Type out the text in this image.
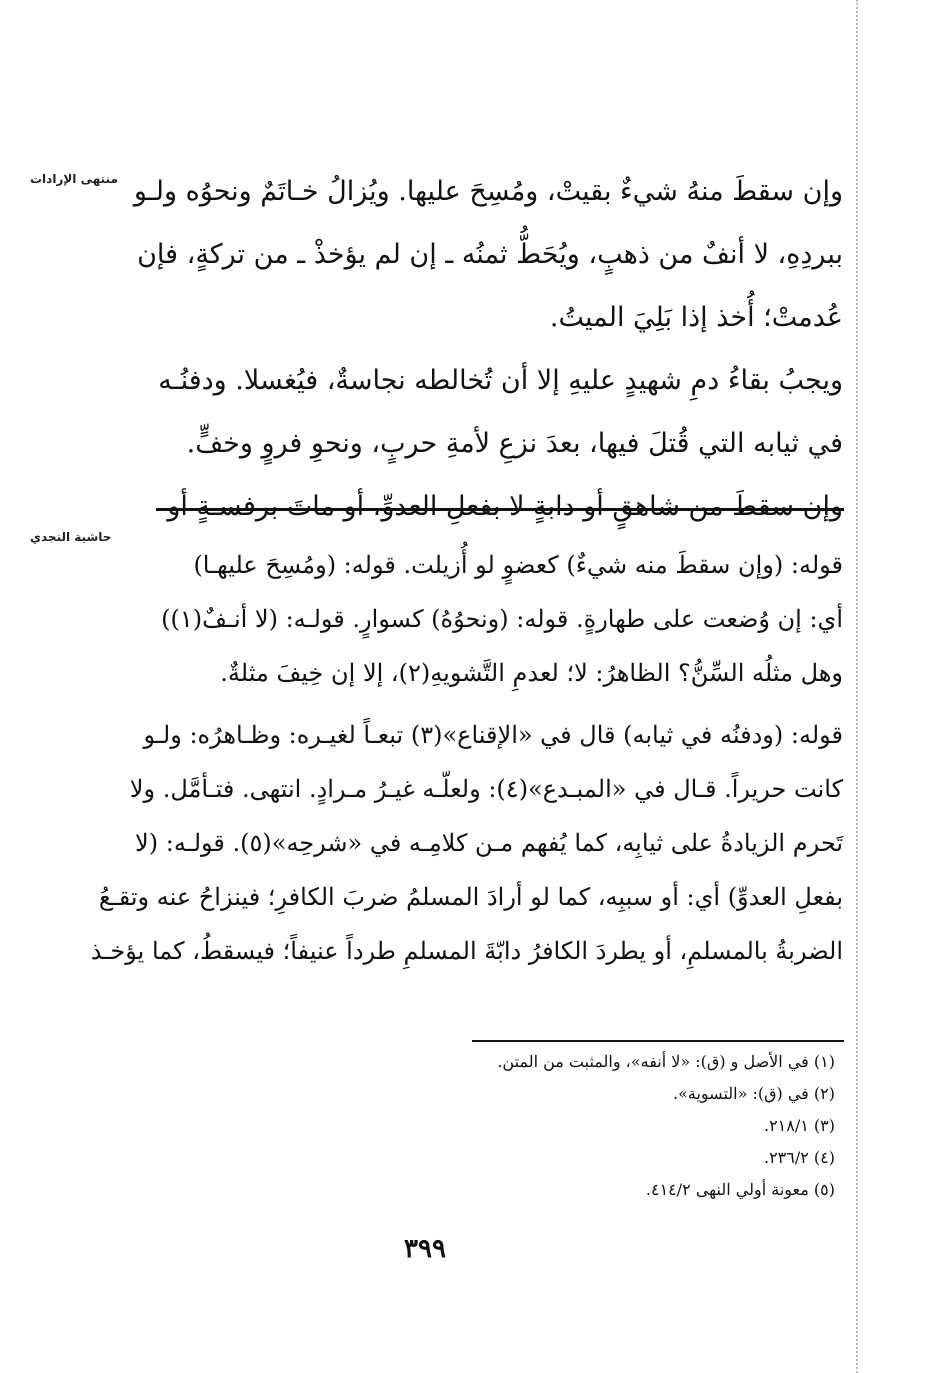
منتهى الإرادات
حاشية النجدي
وإن سقطَ منهُ شيءٌ بقيتْ، ومُسِحَ عليها. ويُزالُ خـاتَمٌ ونحوُه ولـو
ببردِهِ، لا أنفٌ من ذهبٍ، ويُحَطُّ ثمنُه ـ إن لم يؤخذْ ـ من تركةٍ، فإن
عُدمتْ؛ أُخذ إذا بَلِيَ الميتُ.
ويجبُ بقاءُ دمِ شهيدٍ عليهِ إلا أن تُخالطه نجاسةٌ، فيُغسلا. ودفنُـه
في ثيابه التي قُتلَ فيها، بعدَ نزعِ لأمةِ حربٍ، ونحوِ فروٍ وخفٍّ.
وإن سقطَ من شاهقٍ أو دابةٍ لا بفعلِ العدوِّ، أو ماتَ برفسـةٍ أو
قوله: (وإن سقطَ منه شيءٌ) كعضوٍ لو أُزيلت. قوله: (ومُسِحَ عليهـا)
أي: إن وُضعت على طهارةٍ. قوله: (ونحوُهُ) كسوارٍ. قولـه: (لا أنـفٌ(١))
وهل مثلُه السِّنُّ؟ الظاهرُ: لا؛ لعدمِ التَّشويهِ(٢)، إلا إن خِيفَ مثلةٌ.
قوله: (ودفنُه في ثيابه) قال في «الإقناع»(٣) تبعـاً لغيـره: وظـاهرُه: ولـو
كانت حريراً. قـال في «المبـدع»(٤): ولعلّـه غيـرُ مـرادٍ. انتهى. فتـأمَّل. ولا
تَحرم الزيادةُ على ثيابِه، كما يُفهم مـن كلامِـه في «شرحِه»(٥). قولـه: (لا
بفعلِ العدوِّ) أي: أو سببِه، كما لو أرادَ المسلمُ ضربَ الكافرِ؛ فينزاحُ عنه وتقـعُ
الضربةُ بالمسلمِ، أو يطردَ الكافرُ دابّةَ المسلمِ طرداً عنيفاً؛ فيسقطُ، كما يؤخـذ
(١) في الأصل و (ق): «لا أنفه»، والمثبت من المتن.
(٢) في (ق): «التسوية».
(٣) ٢١٨/١.
(٤) ٢٣٦/٢.
(٥) معونة أولي النهى ٤١٤/٢.
٣٩٩
